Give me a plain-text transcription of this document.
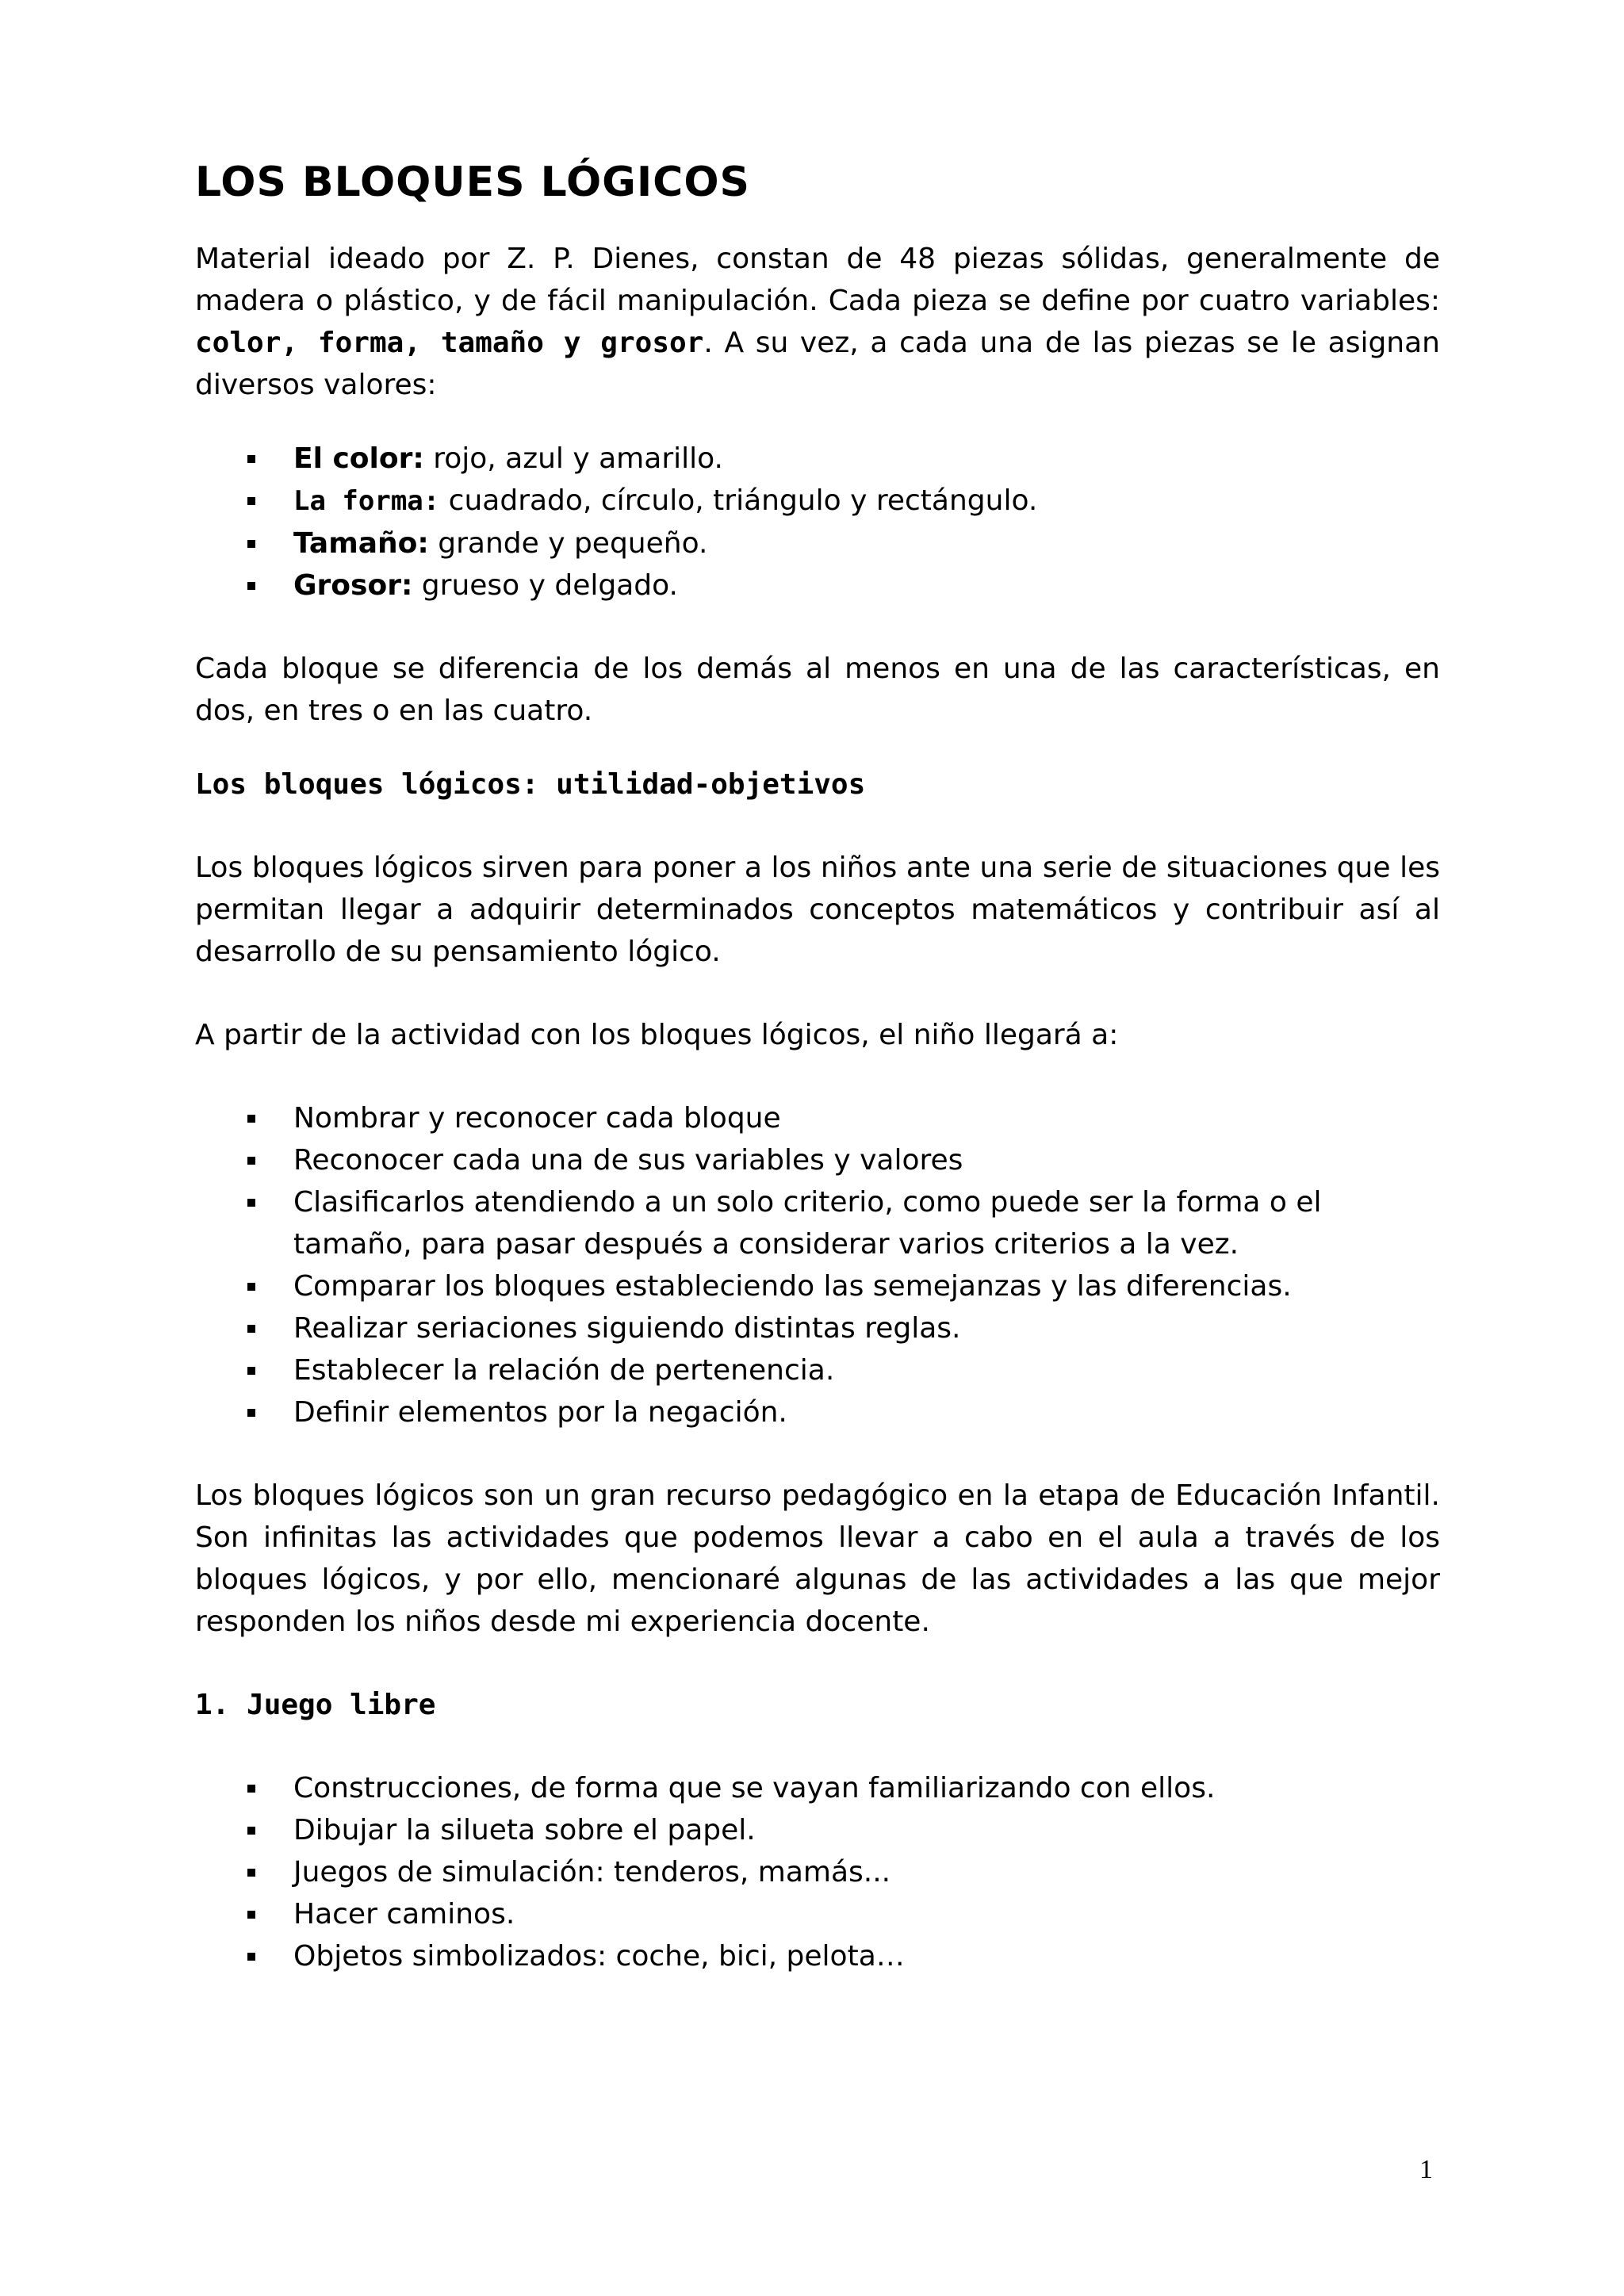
LOS BLOQUES LÓGICOS

Material ideado por Z. P. Dienes, constan de 48 piezas sólidas, generalmente de madera o plástico, y de fácil manipulación. Cada pieza se define por cuatro variables: color, forma, tamaño y grosor. A su vez, a cada una de las piezas se le asignan diversos valores:

El color: rojo, azul y amarillo.
La forma: cuadrado, círculo, triángulo y rectángulo.
Tamaño: grande y pequeño.
Grosor: grueso y delgado.

Cada bloque se diferencia de los demás al menos en una de las características, en dos, en tres o en las cuatro.

Los bloques lógicos: utilidad-objetivos

Los bloques lógicos sirven para poner a los niños ante una serie de situaciones que les permitan llegar a adquirir determinados conceptos matemáticos y contribuir así al desarrollo de su pensamiento lógico.

A partir de la actividad con los bloques lógicos, el niño llegará a:

Nombrar y reconocer cada bloque
Reconocer cada una de sus variables y valores
Clasificarlos atendiendo a un solo criterio, como puede ser la forma o el tamaño, para pasar después a considerar varios criterios a la vez.
Comparar los bloques estableciendo las semejanzas y las diferencias.
Realizar seriaciones siguiendo distintas reglas.
Establecer la relación de pertenencia.
Definir elementos por la negación.

Los bloques lógicos son un gran recurso pedagógico en la etapa de Educación Infantil. Son infinitas las actividades que podemos llevar a cabo en el aula a través de los bloques lógicos, y por ello, mencionaré algunas de las actividades a las que mejor responden los niños desde mi experiencia docente.

1. Juego libre
Construcciones, de forma que se vayan familiarizando con ellos.
Dibujar la silueta sobre el papel.
Juegos de simulación: tenderos, mamás...
Hacer caminos.
Objetos simbolizados: coche, bici, pelota…
1
